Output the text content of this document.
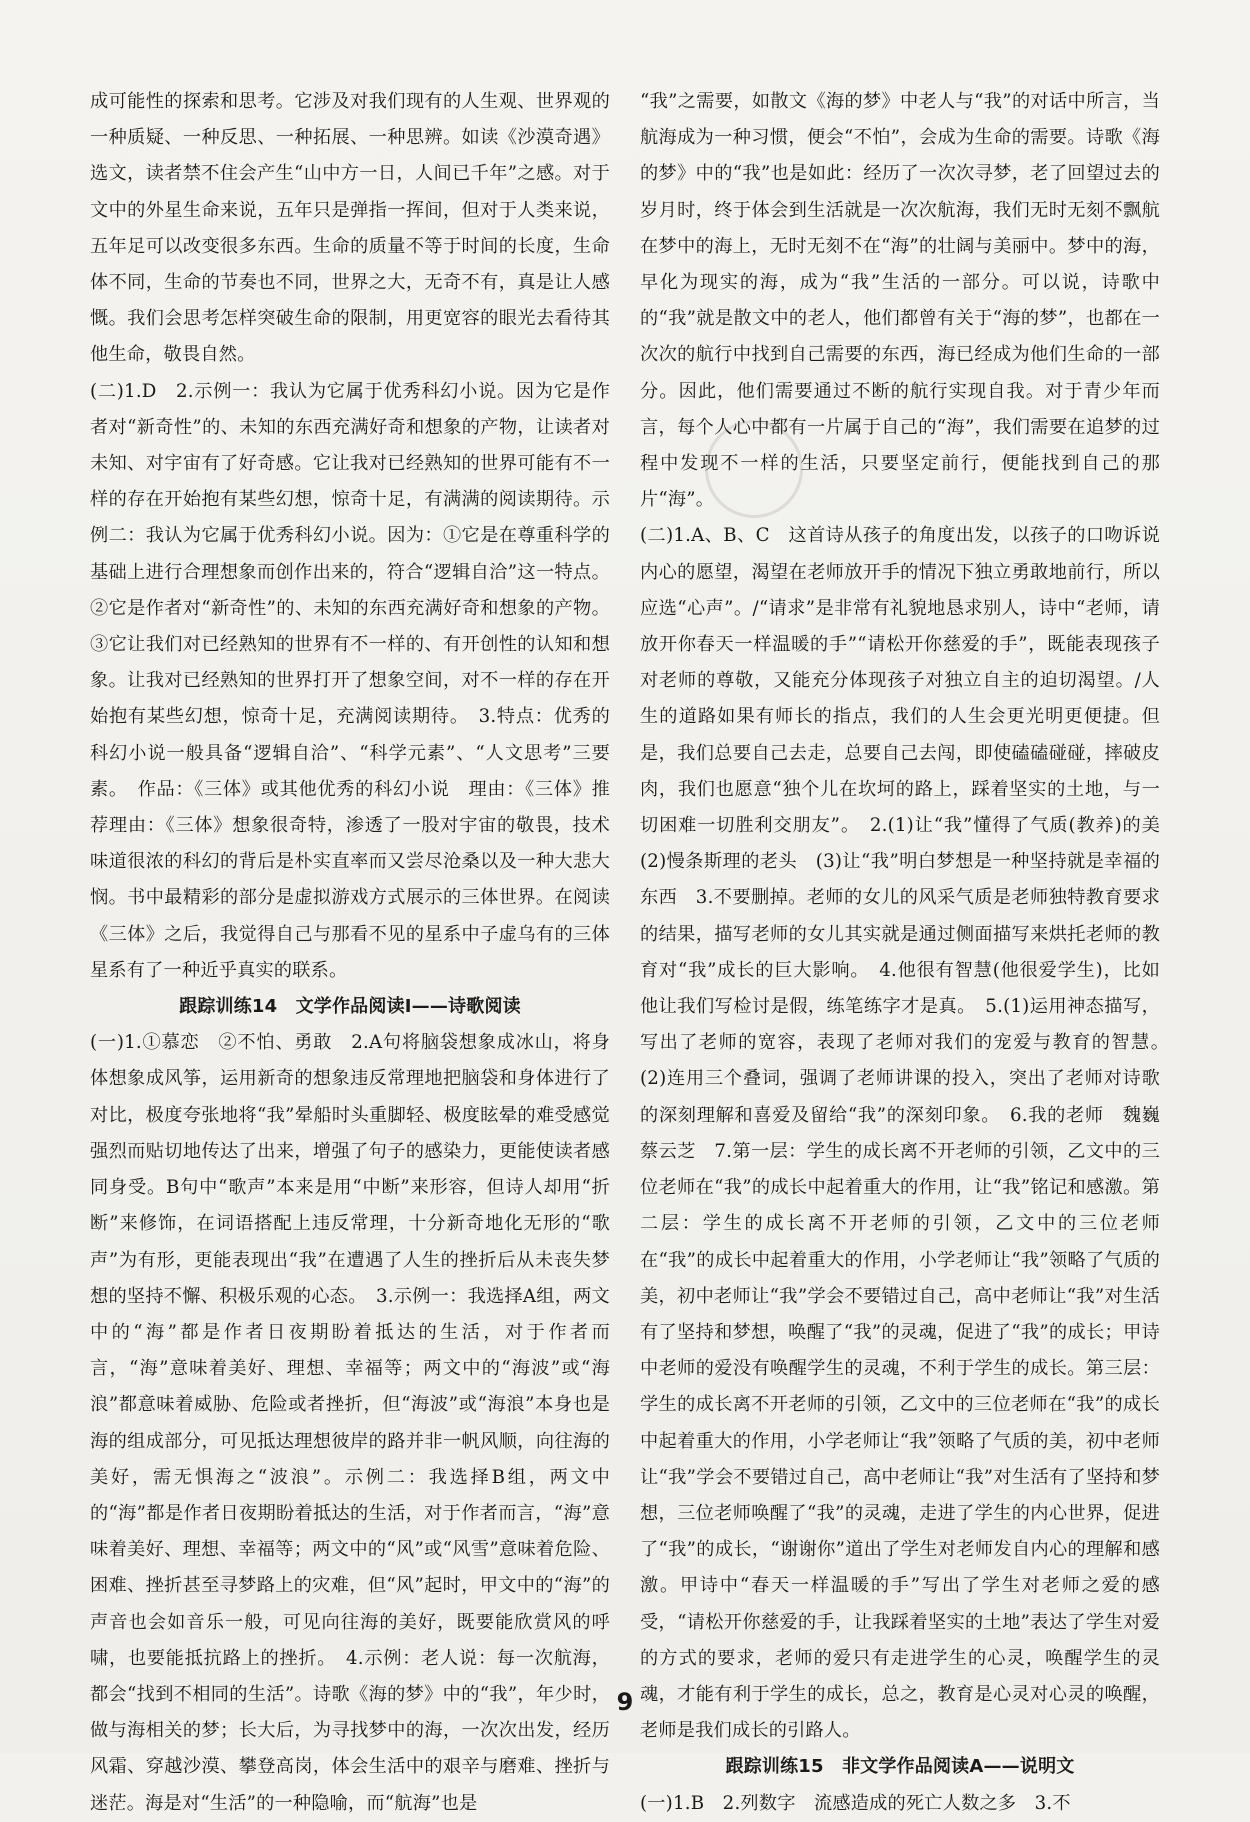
成可能性的探索和思考。它涉及对我们现有的人生观、世界观的一种质疑、一种反思、一种拓展、一种思辨。如读《沙漠奇遇》选文，读者禁不住会产生“山中方一日，人间已千年”之感。对于文中的外星生命来说，五年只是弹指一挥间，但对于人类来说，五年足可以改变很多东西。生命的质量不等于时间的长度，生命体不同，生命的节奏也不同，世界之大，无奇不有，真是让人感慨。我们会思考怎样突破生命的限制，用更宽容的眼光去看待其他生命，敬畏自然。

(二)1.D　2.示例一：我认为它属于优秀科幻小说。因为它是作者对“新奇性”的、未知的东西充满好奇和想象的产物，让读者对未知、对宇宙有了好奇感。它让我对已经熟知的世界可能有不一样的存在开始抱有某些幻想，惊奇十足，有满满的阅读期待。示例二：我认为它属于优秀科幻小说。因为：①它是在尊重科学的基础上进行合理想象而创作出来的，符合“逻辑自洽”这一特点。②它是作者对“新奇性”的、未知的东西充满好奇和想象的产物。③它让我们对已经熟知的世界有不一样的、有开创性的认知和想象。让我对已经熟知的世界打开了想象空间，对不一样的存在开始抱有某些幻想，惊奇十足，充满阅读期待。　3.特点：优秀的科幻小说一般具备“逻辑自洽”、“科学元素”、“人文思考”三要素。　作品：《三体》或其他优秀的科幻小说　理由：《三体》推荐理由：《三体》想象很奇特，渗透了一股对宇宙的敬畏，技术味道很浓的科幻的背后是朴实直率而又尝尽沧桑以及一种大悲大悯。书中最精彩的部分是虚拟游戏方式展示的三体世界。在阅读《三体》之后，我觉得自己与那看不见的星系中子虚乌有的三体星系有了一种近乎真实的联系。

跟踪训练14　文学作品阅读Ⅰ——诗歌阅读

(一)1.①慕恋　②不怕、勇敢　2.A句将脑袋想象成冰山，将身体想象成风筝，运用新奇的想象违反常理地把脑袋和身体进行了对比，极度夸张地将“我”晕船时头重脚轻、极度眩晕的难受感觉强烈而贴切地传达了出来，增强了句子的感染力，更能使读者感同身受。B句中“歌声”本来是用“中断”来形容，但诗人却用“折断”来修饰，在词语搭配上违反常理，十分新奇地化无形的“歌声”为有形，更能表现出“我”在遭遇了人生的挫折后从未丧失梦想的坚持不懈、积极乐观的心态。　3.示例一：我选择A组，两文中的“海”都是作者日夜期盼着抵达的生活，对于作者而言，“海”意味着美好、理想、幸福等；两文中的“海波”或“海浪”都意味着威胁、危险或者挫折，但“海波”或“海浪”本身也是海的组成部分，可见抵达理想彼岸的路并非一帆风顺，向往海的美好，需无惧海之“波浪”。示例二：我选择B组，两文中的“海”都是作者日夜期盼着抵达的生活，对于作者而言，“海”意味着美好、理想、幸福等；两文中的“风”或“风雪”意味着危险、困难、挫折甚至寻梦路上的灾难，但“风”起时，甲文中的“海”的声音也会如音乐一般，可见向往海的美好，既要能欣赏风的呼啸，也要能抵抗路上的挫折。　4.示例：老人说：每一次航海，都会“找到不相同的生活”。诗歌《海的梦》中的“我”，年少时，做与海相关的梦；长大后，为寻找梦中的海，一次次出发，经历风霜、穿越沙漠、攀登高岗，体会生活中的艰辛与磨难、挫折与迷茫。海是对“生活”的一种隐喻，而“航海”也是

“我”之需要，如散文《海的梦》中老人与“我”的对话中所言，当航海成为一种习惯，便会“不怕”，会成为生命的需要。诗歌《海的梦》中的“我”也是如此：经历了一次次寻梦，老了回望过去的岁月时，终于体会到生活就是一次次航海，我们无时无刻不飘航在梦中的海上，无时无刻不在“海”的壮阔与美丽中。梦中的海，早化为现实的海，成为“我”生活的一部分。可以说，诗歌中的“我”就是散文中的老人，他们都曾有关于“海的梦”，也都在一次次的航行中找到自己需要的东西，海已经成为他们生命的一部分。因此，他们需要通过不断的航行实现自我。对于青少年而言，每个人心中都有一片属于自己的“海”，我们需要在追梦的过程中发现不一样的生活，只要坚定前行，便能找到自己的那片“海”。

(二)1.A、B、C　这首诗从孩子的角度出发，以孩子的口吻诉说内心的愿望，渴望在老师放开手的情况下独立勇敢地前行，所以应选“心声”。/“请求”是非常有礼貌地恳求别人，诗中“老师，请放开你春天一样温暖的手”“请松开你慈爱的手”，既能表现孩子对老师的尊敬，又能充分体现孩子对独立自主的迫切渴望。/人生的道路如果有师长的指点，我们的人生会更光明更便捷。但是，我们总要自己去走，总要自己去闯，即使磕磕碰碰，摔破皮肉，我们也愿意“独个儿在坎坷的路上，踩着坚实的土地，与一切困难一切胜利交朋友”。　2.(1)让“我”懂得了气质(教养)的美　(2)慢条斯理的老头　(3)让“我”明白梦想是一种坚持就是幸福的东西　3.不要删掉。老师的女儿的风采气质是老师独特教育要求的结果，描写老师的女儿其实就是通过侧面描写来烘托老师的教育对“我”成长的巨大影响。　4.他很有智慧(他很爱学生)，比如他让我们写检讨是假，练笔练字才是真。　5.(1)运用神态描写，写出了老师的宽容，表现了老师对我们的宠爱与教育的智慧。　(2)连用三个叠词，强调了老师讲课的投入，突出了老师对诗歌的深刻理解和喜爱及留给“我”的深刻印象。　6.我的老师　魏巍　蔡云芝　7.第一层：学生的成长离不开老师的引领，乙文中的三位老师在“我”的成长中起着重大的作用，让“我”铭记和感激。第二层：学生的成长离不开老师的引领，乙文中的三位老师在“我”的成长中起着重大的作用，小学老师让“我”领略了气质的美，初中老师让“我”学会不要错过自己，高中老师让“我”对生活有了坚持和梦想，唤醒了“我”的灵魂，促进了“我”的成长；甲诗中老师的爱没有唤醒学生的灵魂，不利于学生的成长。第三层：学生的成长离不开老师的引领，乙文中的三位老师在“我”的成长中起着重大的作用，小学老师让“我”领略了气质的美，初中老师让“我”学会不要错过自己，高中老师让“我”对生活有了坚持和梦想，三位老师唤醒了“我”的灵魂，走进了学生的内心世界，促进了“我”的成长，“谢谢你”道出了学生对老师发自内心的理解和感激。甲诗中“春天一样温暖的手”写出了学生对老师之爱的感受，“请松开你慈爱的手，让我踩着坚实的土地”表达了学生对爱的方式的要求，老师的爱只有走进学生的心灵，唤醒学生的灵魂，才能有利于学生的成长，总之，教育是心灵对心灵的唤醒，老师是我们成长的引路人。

跟踪训练15　非文学作品阅读A——说明文

(一)1.B　2.列数字　流感造成的死亡人数之多　3.不

9
